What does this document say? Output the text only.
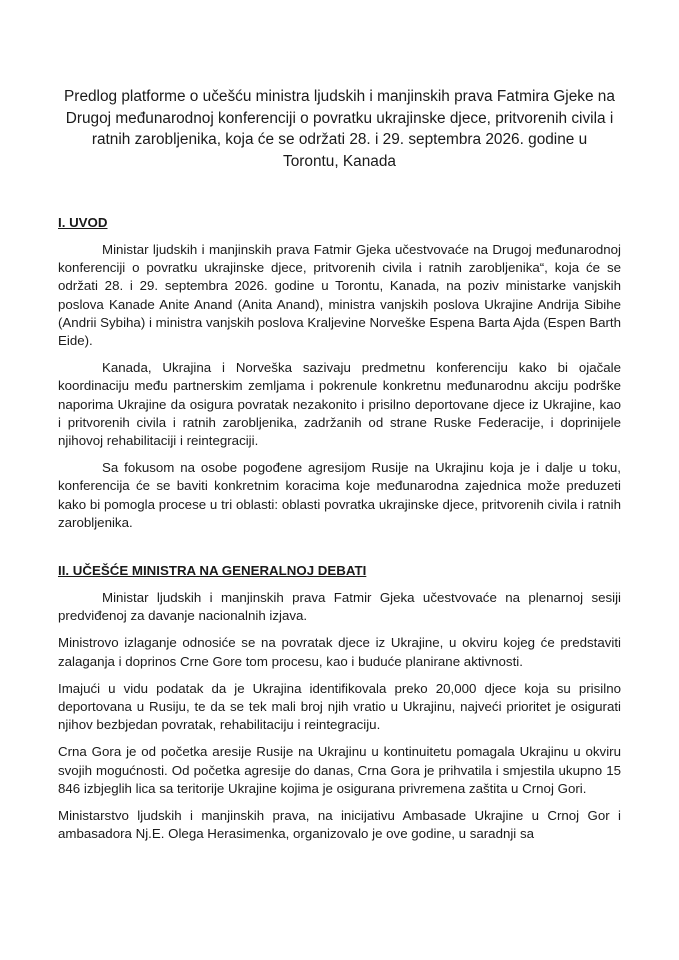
Predlog platforme o učešću ministra ljudskih i manjinskih prava Fatmira Gjeke na Drugoj međunarodnoj konferenciji o povratku ukrajinske djece, pritvorenih civila i ratnih zarobljenika, koja će se održati 28. i 29. septembra 2026. godine u Torontu, Kanada
I. UVOD

Ministar ljudskih i manjinskih prava Fatmir Gjeka učestvovaće na Drugoj međunarodnoj konferenciji o povratku ukrajinske djece, pritvorenih civila i ratnih zarobljenika“, koja će se održati 28. i 29. septembra 2026. godine u Torontu, Kanada, na poziv ministarke vanjskih poslova Kanade Anite Anand (Anita Anand), ministra vanjskih poslova Ukrajine Andrija Sibihe (Andrii Sybiha) i ministra vanjskih poslova Kraljevine Norveške Espena Barta Ajda (Espen Barth Eide).

Kanada, Ukrajina i Norveška sazivaju predmetnu konferenciju kako bi ojačale koordinaciju među partnerskim zemljama i pokrenule konkretnu međunarodnu akciju podrške naporima Ukrajine da osigura povratak nezakonito i prisilno deportovane djece iz Ukrajine, kao i pritvorenih civila i ratnih zarobljenika, zadržanih od strane Ruske Federacije, i doprinijele njihovoj rehabilitaciji i reintegraciji.

Sa fokusom na osobe pogođene agresijom Rusije na Ukrajinu koja je i dalje u toku, konferencija će se baviti konkretnim koracima koje međunarodna zajednica može preduzeti kako bi pomogla procese u tri oblasti: oblasti povratka ukrajinske djece, pritvorenih civila i ratnih zarobljenika.

II. UČEŠĆE MINISTRA NA GENERALNOJ DEBATI

Ministar ljudskih i manjinskih prava Fatmir Gjeka učestvovaće na plenarnoj sesiji predviđenoj za davanje nacionalnih izjava.

Ministrovo izlaganje odnosiće se na povratak djece iz Ukrajine, u okviru kojeg će predstaviti zalaganja i doprinos Crne Gore tom procesu, kao i buduće planirane aktivnosti.

Imajući u vidu podatak da je Ukrajina identifikovala preko 20,000 djece koja su prisilno deportovana u Rusiju, te da se tek mali broj njih vratio u Ukrajinu, najveći prioritet je osigurati njihov bezbjedan povratak, rehabilitaciju i reintegraciju.

Crna Gora je od početka aresije Rusije na Ukrajinu u kontinuitetu pomagala Ukrajinu u okviru svojih mogućnosti. Od početka agresije do danas, Crna Gora je prihvatila i smjestila ukupno 15 846 izbjeglih lica sa teritorije Ukrajine kojima je osigurana privremena zaštita u Crnoj Gori.

Ministarstvo ljudskih i manjinskih prava, na inicijativu Ambasade Ukrajine u Crnoj Gor i ambasadora Nj.E. Olega Herasimenka, organizovalo je ove godine, u saradnji sa
